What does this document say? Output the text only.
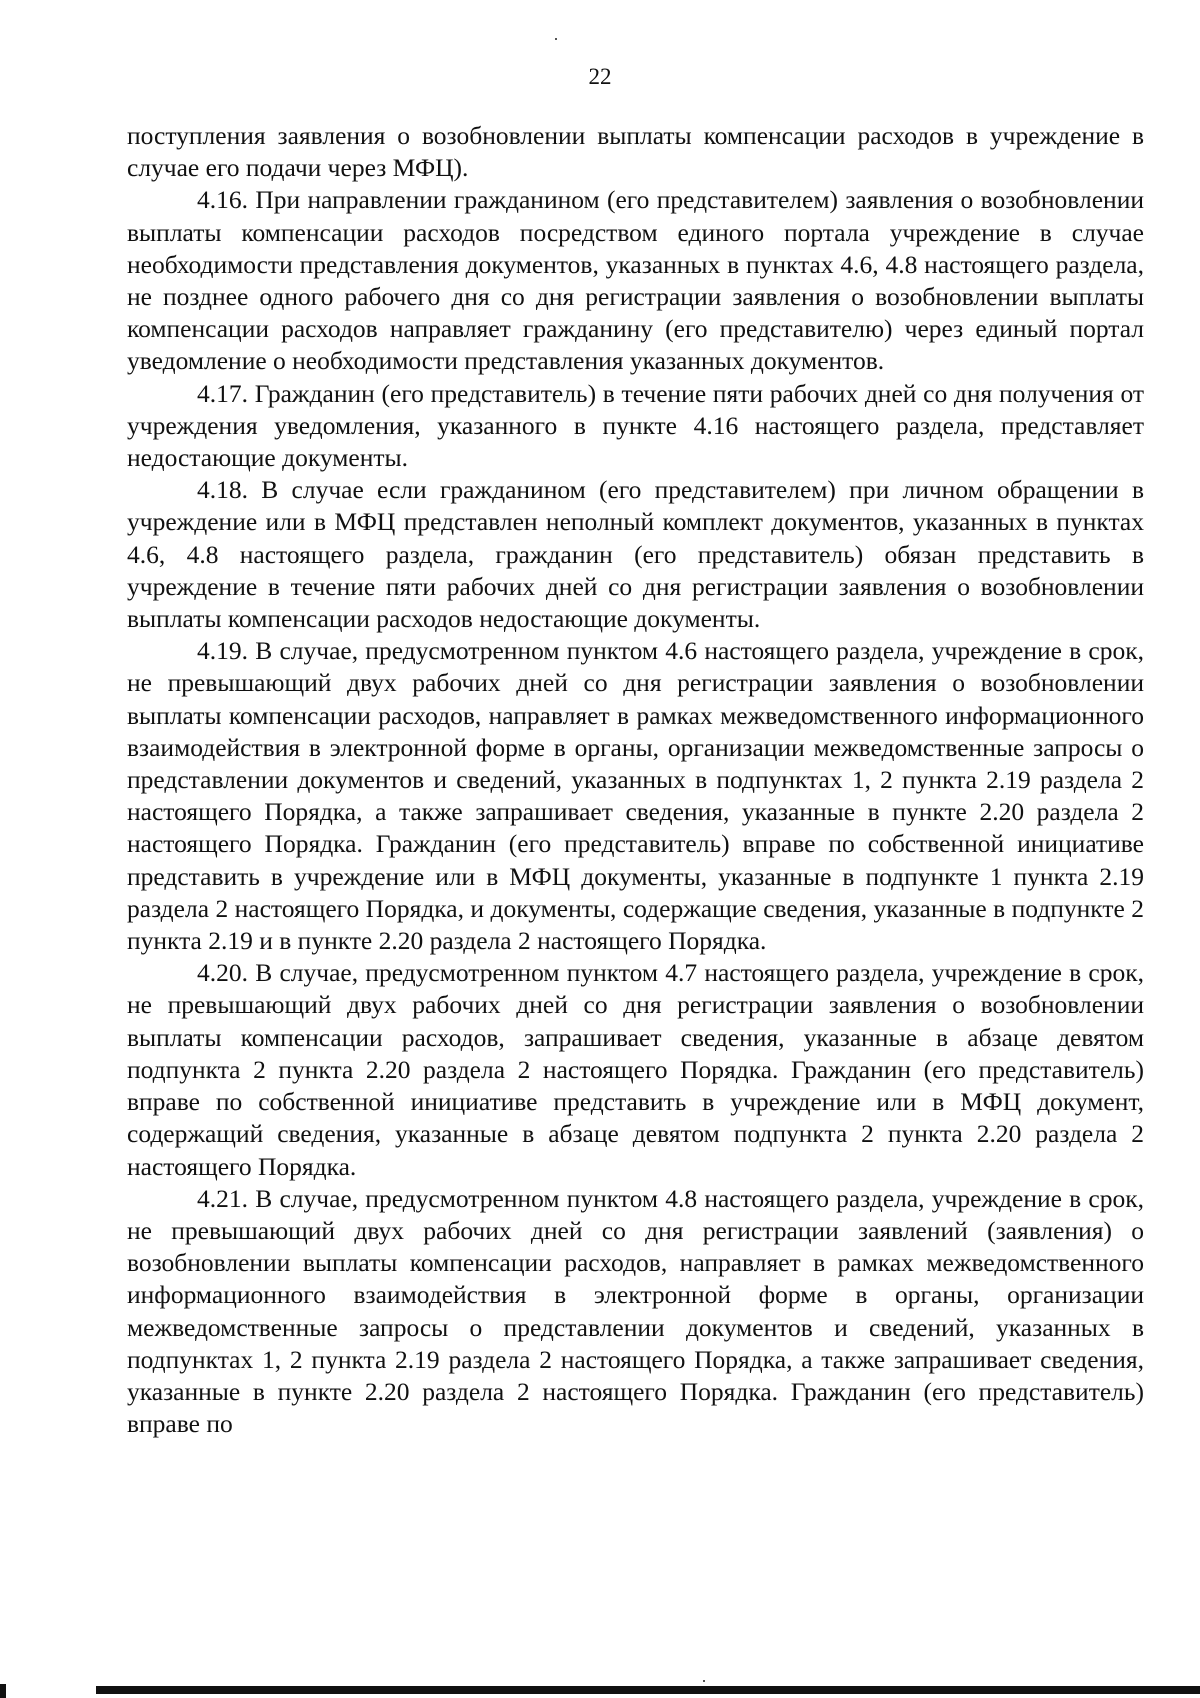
22

поступления заявления о возобновлении выплаты компенсации расходов в учреждение в случае его подачи через МФЦ).

4.16. При направлении гражданином (его представителем) заявления о возобновлении выплаты компенсации расходов посредством единого портала учреждение в случае необходимости представления документов, указанных в пунктах 4.6, 4.8 настоящего раздела, не позднее одного рабочего дня со дня регистрации заявления о возобновлении выплаты компенсации расходов направляет гражданину (его представителю) через единый портал уведомление о необходимости представления указанных документов.

4.17. Гражданин (его представитель) в течение пяти рабочих дней со дня получения от учреждения уведомления, указанного в пункте 4.16 настоящего раздела, представляет недостающие документы.

4.18. В случае если гражданином (его представителем) при личном обращении в учреждение или в МФЦ представлен неполный комплект документов, указанных в пунктах 4.6, 4.8 настоящего раздела, гражданин (его представитель) обязан представить в учреждение в течение пяти рабочих дней со дня регистрации заявления о возобновлении выплаты компенсации расходов недостающие документы.

4.19. В случае, предусмотренном пунктом 4.6 настоящего раздела, учреждение в срок, не превышающий двух рабочих дней со дня регистрации заявления о возобновлении выплаты компенсации расходов, направляет в рамках межведомственного информационного взаимодействия в электронной форме в органы, организации межведомственные запросы о представлении документов и сведений, указанных в подпунктах 1, 2 пункта 2.19 раздела 2 настоящего Порядка, а также запрашивает сведения, указанные в пункте 2.20 раздела 2 настоящего Порядка. Гражданин (его представитель) вправе по собственной инициативе представить в учреждение или в МФЦ документы, указанные в подпункте 1 пункта 2.19 раздела 2 настоящего Порядка, и документы, содержащие сведения, указанные в подпункте 2 пункта 2.19 и в пункте 2.20 раздела 2 настоящего Порядка.

4.20. В случае, предусмотренном пунктом 4.7 настоящего раздела, учреждение в срок, не превышающий двух рабочих дней со дня регистрации заявления о возобновлении выплаты компенсации расходов, запрашивает сведения, указанные в абзаце девятом подпункта 2 пункта 2.20 раздела 2 настоящего Порядка. Гражданин (его представитель) вправе по собственной инициативе представить в учреждение или в МФЦ документ, содержащий сведения, указанные в абзаце девятом подпункта 2 пункта 2.20 раздела 2 настоящего Порядка.

4.21. В случае, предусмотренном пунктом 4.8 настоящего раздела, учреждение в срок, не превышающий двух рабочих дней со дня регистрации заявлений (заявления) о возобновлении выплаты компенсации расходов, направляет в рамках межведомственного информационного взаимодействия в электронной форме в органы, организации межведомственные запросы о представлении документов и сведений, указанных в подпунктах 1, 2 пункта 2.19 раздела 2 настоящего Порядка, а также запрашивает сведения, указанные в пункте 2.20 раздела 2 настоящего Порядка. Гражданин (его представитель) вправе по
